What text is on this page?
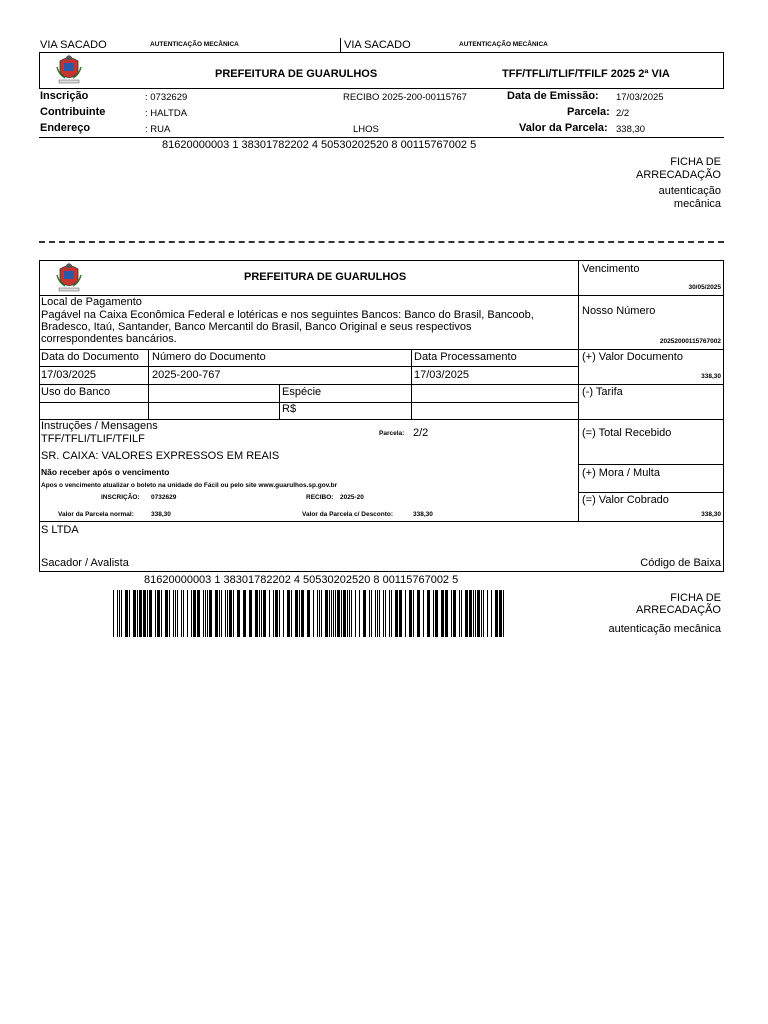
VIA SACADO	AUTENTICAÇÃO MECÂNICA	VIA SACADO	AUTENTICAÇÃO MECÂNICA
PREFEITURA DE GUARULHOS	TFF/TFLI/TLIF/TFILF 2025 2ª VIA
Inscrição	: 0732629	RECIBO 2025-200-00115767	Data de Emissão: 17/03/2025
Contribuinte	: HALTDA	Parcela: 2/2
Endereço	: RUA	LHOS	Valor da Parcela: 338,30
81620000003 1 38301782202 4 50530202520 8 00115767002 5
FICHA DE
ARRECADAÇÃO
autenticação
mecânica
PREFEITURA DE GUARULHOS
Vencimento
30/05/2025
Local de Pagamento
Pagável na Caixa Econômica Federal e lotéricas e nos seguintes Bancos: Banco do Brasil, Bancoob,
Bradesco, Itaú, Santander, Banco Mercantil do Brasil, Banco Original e seus respectivos
correspondentes bancários.
Nosso Número
20252000115767002
Data do Documento Número do Documento	Data Processamento	(+) Valor Documento
17/03/2025	2025-200-767	17/03/2025	338,30
Uso do Banco	Espécie	(-) Tarifa
R$
Instruções / Mensagens
TFF/TFLI/TLIF/TFILF	Parcela: 2/2
SR. CAIXA: VALORES EXPRESSOS EM REAIS
Não receber após o vencimento
Apos o vencimento atualizar o boleto na unidade do Fácil ou pelo site www.guarulhos.sp.gov.br
INSCRIÇÃO: 0732629	RECIBO: 2025-20
Valor da Parcela normal:	338,30	Valor da Parcela c/ Desconto:	338,30
(=) Total Recebido
(+) Mora / Multa
(=) Valor Cobrado
338,30
S LTDA
Sacador / Avalista	Código de Baixa
81620000003 1 38301782202 4 50530202520 8 00115767002 5
FICHA DE
ARRECADAÇÃO
autenticação mecânica
